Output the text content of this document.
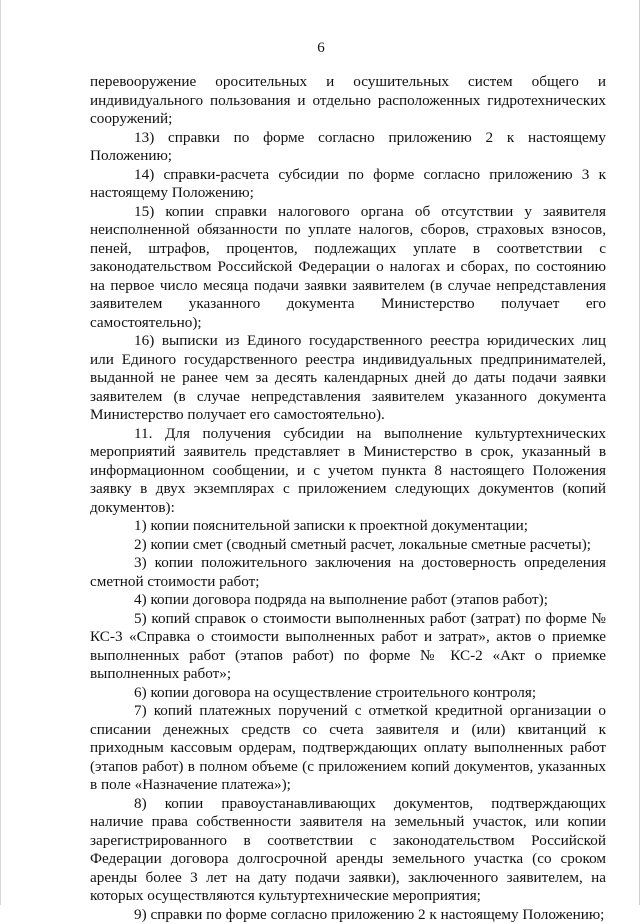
6

перевооружение оросительных и осушительных систем общего и индивидуального пользования и отдельно расположенных гидротехнических сооружений;

13) справки по форме согласно приложению 2 к настоящему Положению;

14) справки-расчета субсидии по форме согласно приложению 3 к настоящему Положению;

15) копии справки налогового органа об отсутствии у заявителя неисполненной обязанности по уплате налогов, сборов, страховых взносов, пеней, штрафов, процентов, подлежащих уплате в соответствии с законодательством Российской Федерации о налогах и сборах, по состоянию на первое число месяца подачи заявки заявителем (в случае непредставления заявителем указанного документа Министерство получает его самостоятельно);

16) выписки из Единого государственного реестра юридических лиц или Единого государственного реестра индивидуальных предпринимателей, выданной не ранее чем за десять календарных дней до даты подачи заявки заявителем (в случае непредставления заявителем указанного документа Министерство получает его самостоятельно).

11. Для получения субсидии на выполнение культуртехнических мероприятий заявитель представляет в Министерство в срок, указанный в информационном сообщении, и с учетом пункта 8 настоящего Положения заявку в двух экземплярах с приложением следующих документов (копий документов):

1) копии пояснительной записки к проектной документации;

2) копии смет (сводный сметный расчет, локальные сметные расчеты);

3) копии положительного заключения на достоверность определения сметной стоимости работ;

4) копии договора подряда на выполнение работ (этапов работ);

5) копий справок о стоимости выполненных работ (затрат) по форме № КС-3 «Справка о стоимости выполненных работ и затрат», актов о приемке выполненных работ (этапов работ) по форме № КС-2 «Акт о приемке выполненных работ»;

6) копии договора на осуществление строительного контроля;

7) копий платежных поручений с отметкой кредитной организации о списании денежных средств со счета заявителя и (или) квитанций к приходным кассовым ордерам, подтверждающих оплату выполненных работ (этапов работ) в полном объеме (с приложением копий документов, указанных в поле «Назначение платежа»);

8) копии правоустанавливающих документов, подтверждающих наличие права собственности заявителя на земельный участок, или копии зарегистрированного в соответствии с законодательством Российской Федерации договора долгосрочной аренды земельного участка (со сроком аренды более 3 лет на дату подачи заявки), заключенного заявителем, на которых осуществляются культуртехнические мероприятия;

9) справки по форме согласно приложению 2 к настоящему Положению;
